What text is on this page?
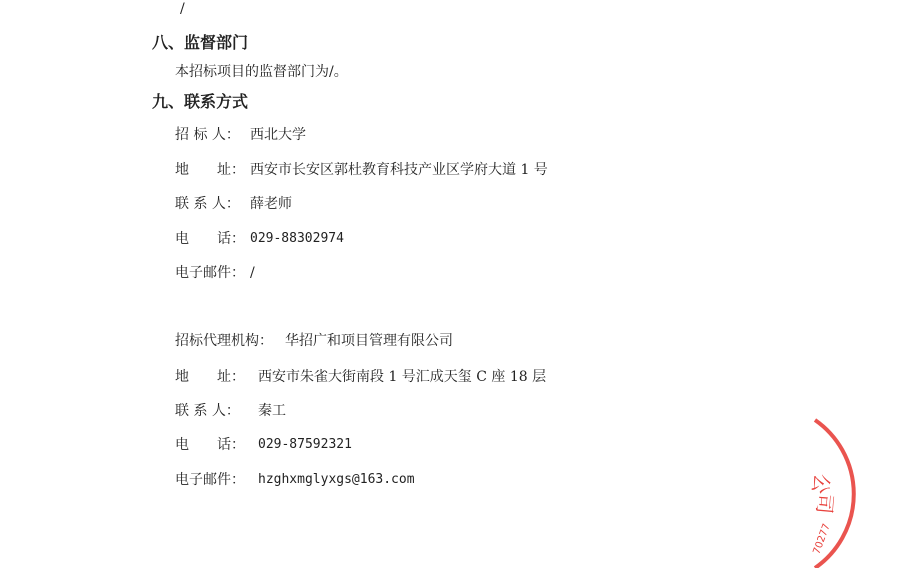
/
八、监督部门
本招标项目的监督部门为/。
九、联系方式
招 标 人： 西北大学
地　　址： 西安市长安区郭杜教育科技产业区学府大道 1 号
联 系 人： 薛老师
电　　话： 029-88302974
电子邮件： /
招标代理机构： 华招广和项目管理有限公司
地　　址： 西安市朱雀大街南段 1 号汇成天玺 C 座 18 层
联 系 人： 秦工
电　　话： 029-87592321
电子邮件： hzghxmglyxgs@163.com	公
司
70277
